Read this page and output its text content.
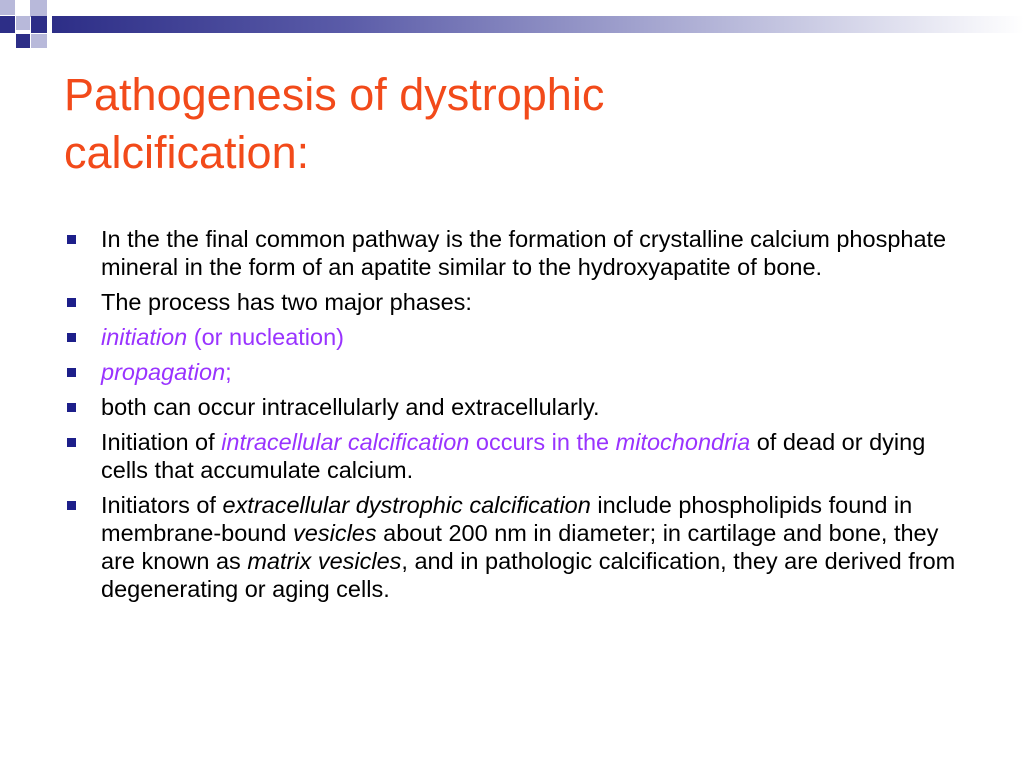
Pathogenesis of dystrophic
calcification:
In the the final common pathway is the formation of crystalline calcium phosphate mineral in the form of an apatite similar to the hydroxyapatite of bone.
The process has two major phases:
initiation (or nucleation)
propagation;
both can occur intracellularly and extracellularly.
Initiation of intracellular calcification occurs in the mitochondria of dead or dying cells that accumulate calcium.
Initiators of extracellular dystrophic calcification include phospholipids found in membrane-bound vesicles about 200 nm in diameter; in cartilage and bone, they are known as matrix vesicles, and in pathologic calcification, they are derived from degenerating or aging cells.
